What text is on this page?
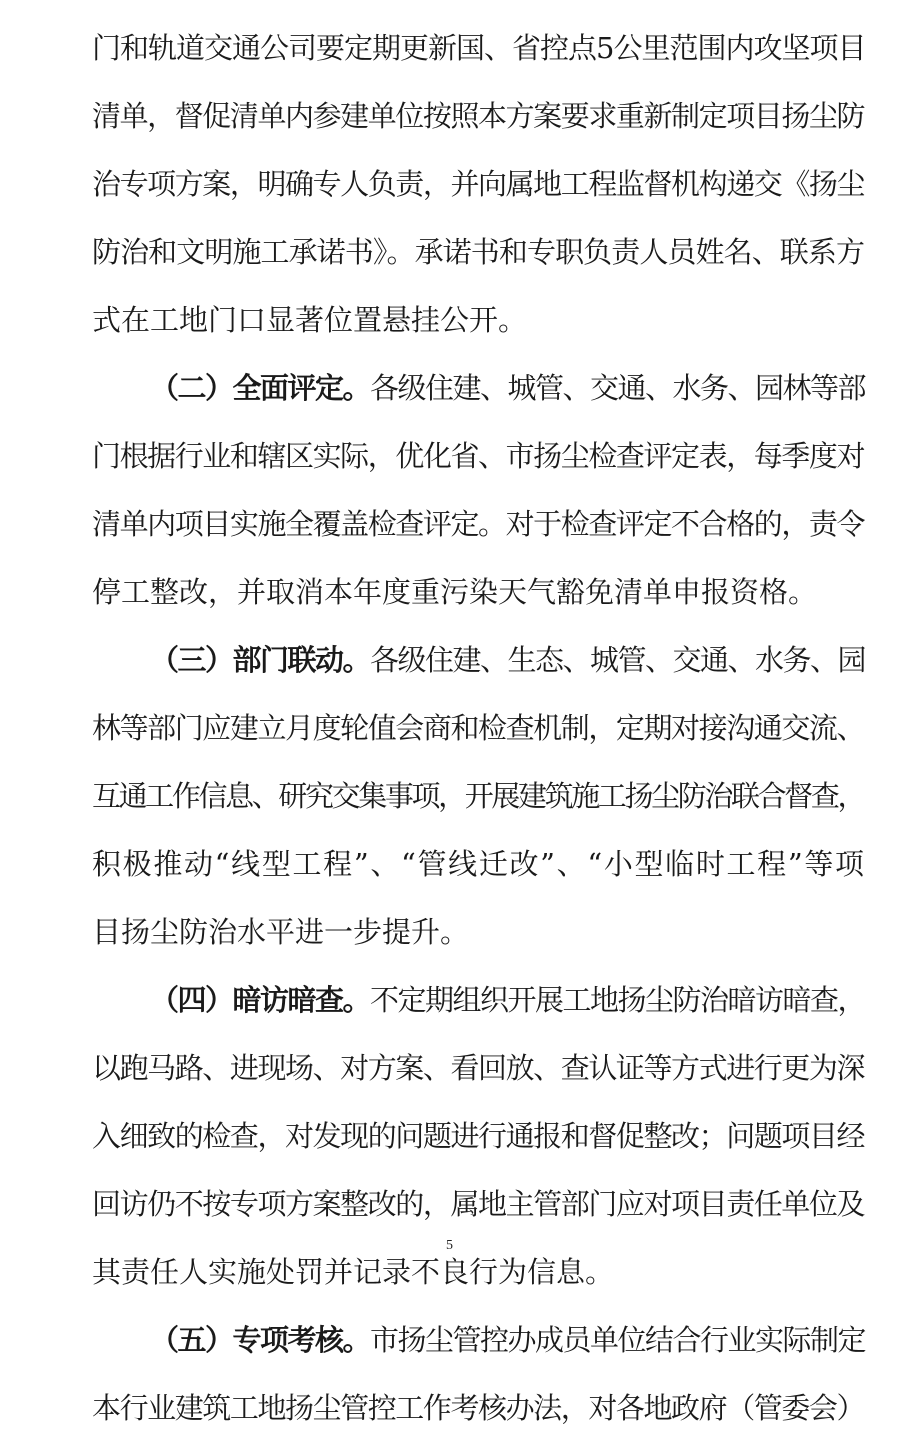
门和轨道交通公司要定期更新国、省控点5公里范围内攻坚项目
清单，督促清单内参建单位按照本方案要求重新制定项目扬尘防
治专项方案，明确专人负责，并向属地工程监督机构递交《扬尘
防治和文明施工承诺书》。承诺书和专职负责人员姓名、联系方
式在工地门口显著位置悬挂公开。
（二）全面评定。各级住建、城管、交通、水务、园林等部
门根据行业和辖区实际，优化省、市扬尘检查评定表，每季度对
清单内项目实施全覆盖检查评定。对于检查评定不合格的，责令
停工整改，并取消本年度重污染天气豁免清单申报资格。
（三）部门联动。各级住建、生态、城管、交通、水务、园
林等部门应建立月度轮值会商和检查机制，定期对接沟通交流、
互通工作信息、研究交集事项，开展建筑施工扬尘防治联合督查，
积极推动“线型工程”、“管线迁改”、“小型临时工程”等项
目扬尘防治水平进一步提升。
（四）暗访暗查。不定期组织开展工地扬尘防治暗访暗查，
以跑马路、进现场、对方案、看回放、查认证等方式进行更为深
入细致的检查，对发现的问题进行通报和督促整改；问题项目经
回访仍不按专项方案整改的，属地主管部门应对项目责任单位及
其责任人实施处罚并记录不良行为信息。
（五）专项考核。市扬尘管控办成员单位结合行业实际制定
本行业建筑工地扬尘管控工作考核办法，对各地政府（管委会）
5
